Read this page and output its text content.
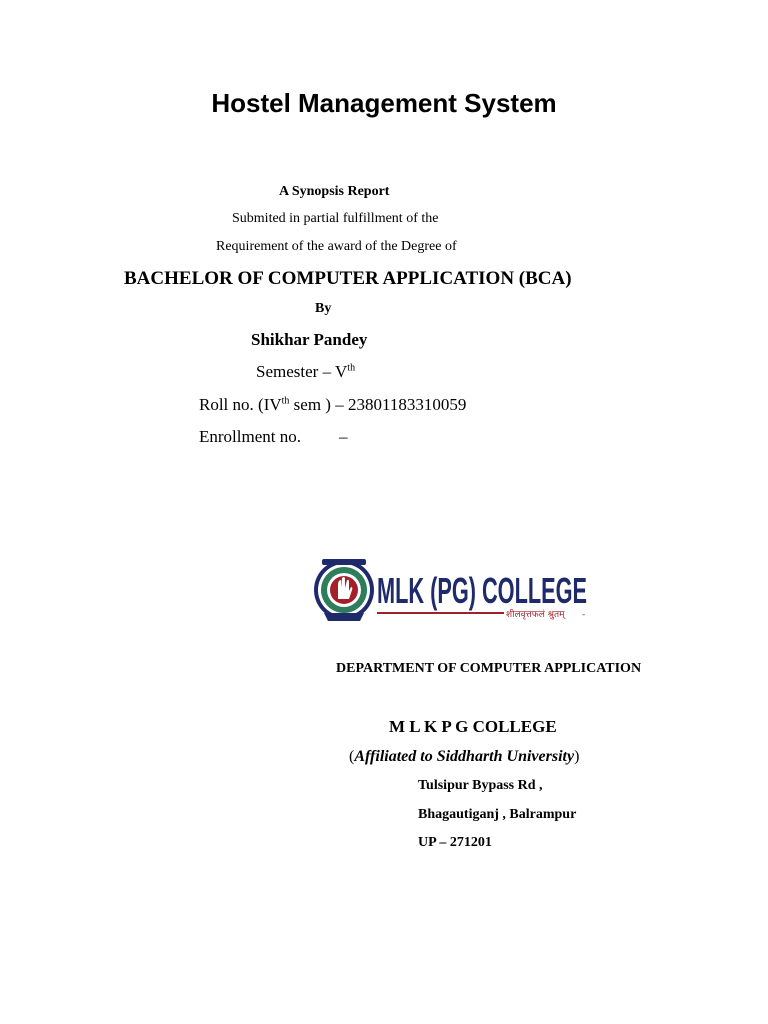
Hostel Management System
A Synopsis Report
Submited in partial fulfillment of the
Requirement of the award of the Degree of
BACHELOR OF COMPUTER APPLICATION (BCA)
By
Shikhar Pandey
Semester – Vth
Roll no. (IVth sem ) – 23801183310059
Enrollment no. –
MLK (PG) COLLEGE
शीलवृत्तफलं श्रुतम् -
DEPARTMENT OF COMPUTER APPLICATION
M L K P G COLLEGE
(Affiliated to Siddharth University)
Tulsipur Bypass Rd ,
Bhagautiganj , Balrampur
UP – 271201
